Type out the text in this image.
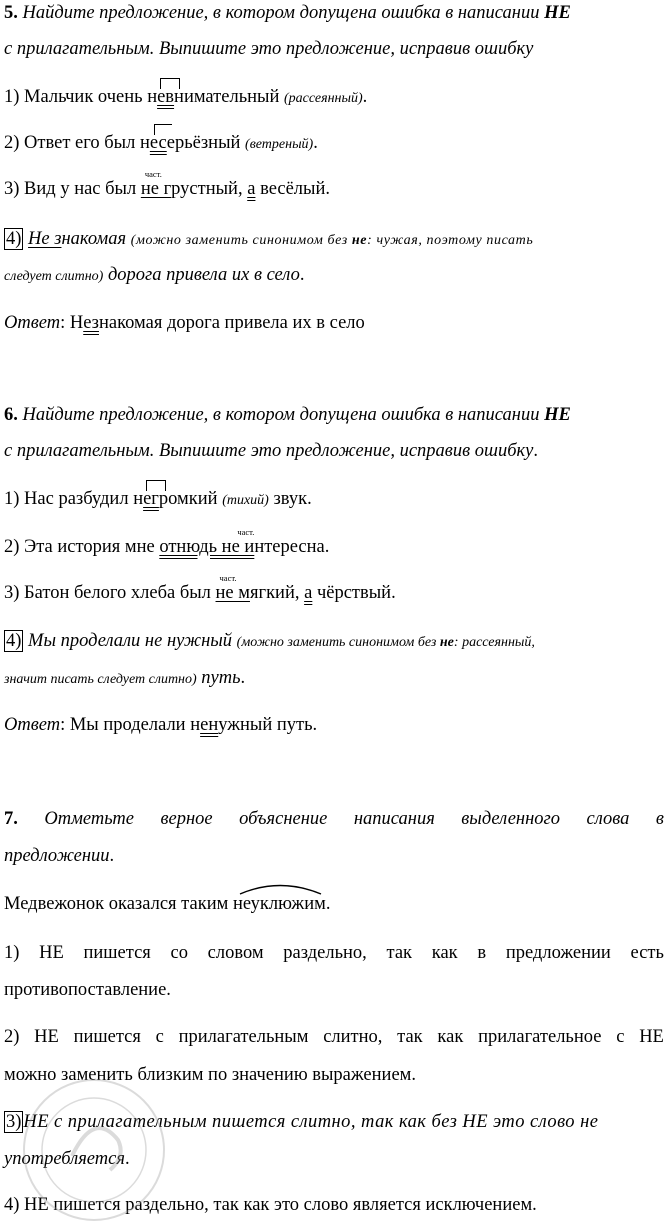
5. Найдите предложение, в котором допущена ошибка в написании НЕ
с прилагательным. Выпишите это предложение, исправив ошибку
1) Мальчик очень нев
нимательный (рассеянный).
2) Ответ его был нес
ерьёзный (ветреный).
3) Вид у нас был
част.
не грустный, а весёлый.
4) Не знакомая (можно заменить синонимом без не: чужая, поэтому писать
следует слитно) дорога привела их в село.
Ответ: Незнакомая дорога привела их в село
6. Найдите предложение, в котором допущена ошибка в написании НЕ
с прилагательным. Выпишите это предложение, исправив ошибку.
1) Нас разбудил нег
ромкий (тихий) звук.
2) Эта история мне
част.
отнюдь не интересна.
3) Батон белого хлеба был
част.
не мягкий, а чёрствый.
4) Мы проделали не нужный (можно заменить синонимом без не: рассеянный,
значит писать следует слитно) путь.
Ответ: Мы проделали ненужный путь.
7. Отметьте верное объяснение написания выделенного слова в
предложении.
Медвежонок оказался таким неуклюж
им.
1) НЕ пишется со словом раздельно, так как в предложении есть
противопоставление.
2) НЕ пишется с прилагательным слитно, так как прилагательное с НЕ
можно заменить близким по значению выражением.
3) НЕ с прилагательным пишется слитно, так как без НЕ это слово не
употребляется.
4) НЕ пишется раздельно, так как это слово является исключением.
